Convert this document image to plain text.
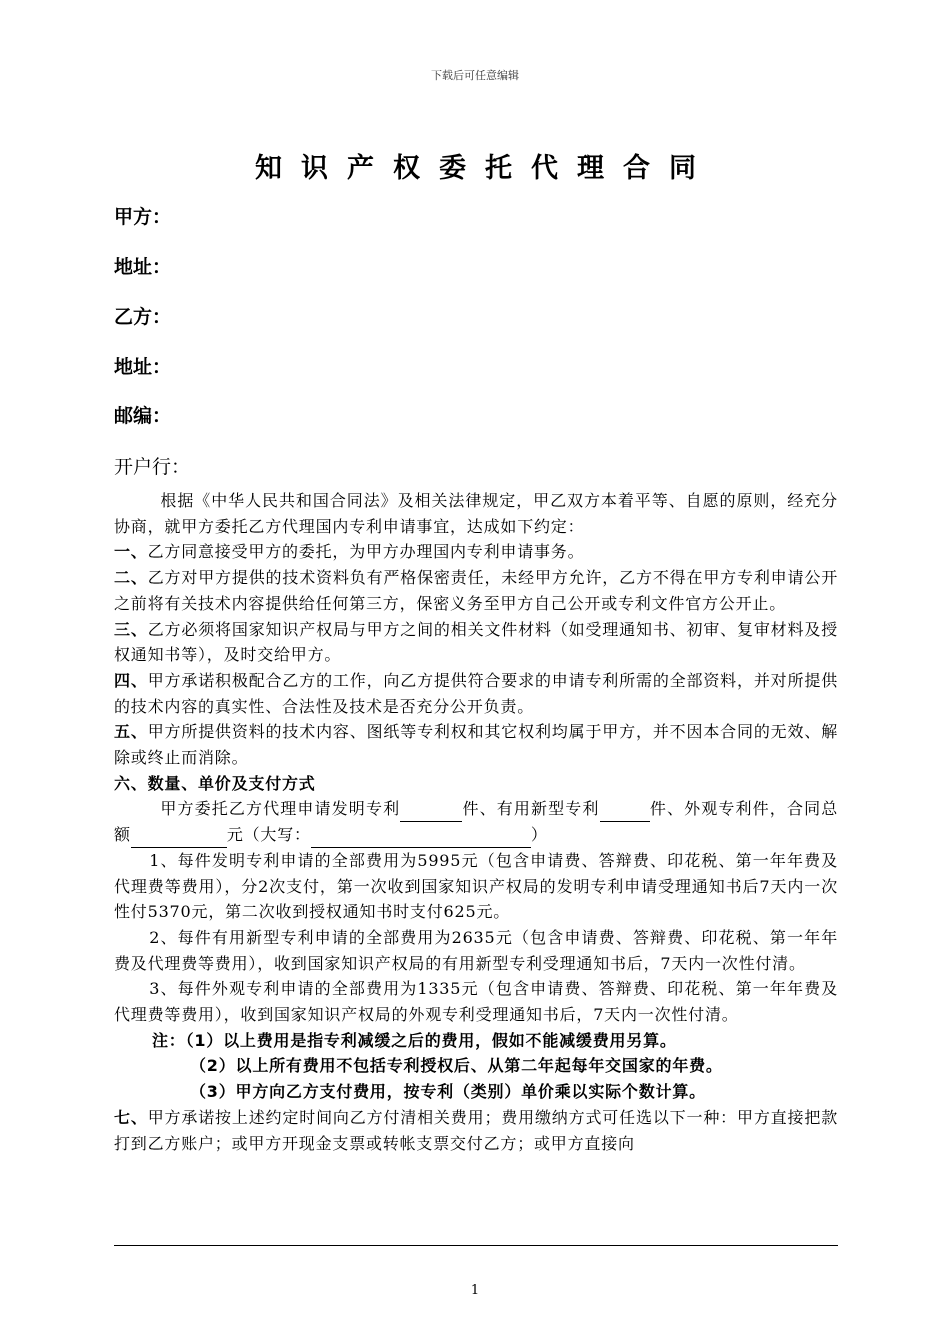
下载后可任意编辑
知识产权委托代理合同
甲方：
地址：
乙方：
地址：
邮编：
开户行：

根据《中华人民共和国合同法》及相关法律规定，甲乙双方本着平等、自愿的原则，经充分协商，就甲方委托乙方代理国内专利申请事宜，达成如下约定：

一、乙方同意接受甲方的委托，为甲方办理国内专利申请事务。

二、乙方对甲方提供的技术资料负有严格保密责任，未经甲方允许，乙方不得在甲方专利申请公开之前将有关技术内容提供给任何第三方，保密义务至甲方自己公开或专利文件官方公开止。

三、乙方必须将国家知识产权局与甲方之间的相关文件材料（如受理通知书、初审、复审材料及授权通知书等），及时交给甲方。

四、甲方承诺积极配合乙方的工作，向乙方提供符合要求的申请专利所需的全部资料，并对所提供的技术内容的真实性、合法性及技术是否充分公开负责。

五、甲方所提供资料的技术内容、图纸等专利权和其它权利均属于甲方，并不因本合同的无效、解除或终止而消除。

六、数量、单价及支付方式

甲方委托乙方代理申请发明专利	件、有用新型专利	件、外观专利件，合同总额	元（大写：	）

1、每件发明专利申请的全部费用为5995元（包含申请费、答辩费、印花税、第一年年费及代理费等费用），分2次支付，第一次收到国家知识产权局的发明专利申请受理通知书后7天内一次性付5370元，第二次收到授权通知书时支付625元。

2、每件有用新型专利申请的全部费用为2635元（包含申请费、答辩费、印花税、第一年年费及代理费等费用），收到国家知识产权局的有用新型专利受理通知书后，7天内一次性付清。

3、每件外观专利申请的全部费用为1335元（包含申请费、答辩费、印花税、第一年年费及代理费等费用），收到国家知识产权局的外观专利受理通知书后，7天内一次性付清。

注：（1）以上费用是指专利减缓之后的费用，假如不能减缓费用另算。

（2）以上所有费用不包括专利授权后、从第二年起每年交国家的年费。

（3）甲方向乙方支付费用，按专利（类别）单价乘以实际个数计算。

七、甲方承诺按上述约定时间向乙方付清相关费用；费用缴纳方式可任选以下一种：甲方直接把款打到乙方账户；或甲方开现金支票或转帐支票交付乙方；或甲方直接向

1
